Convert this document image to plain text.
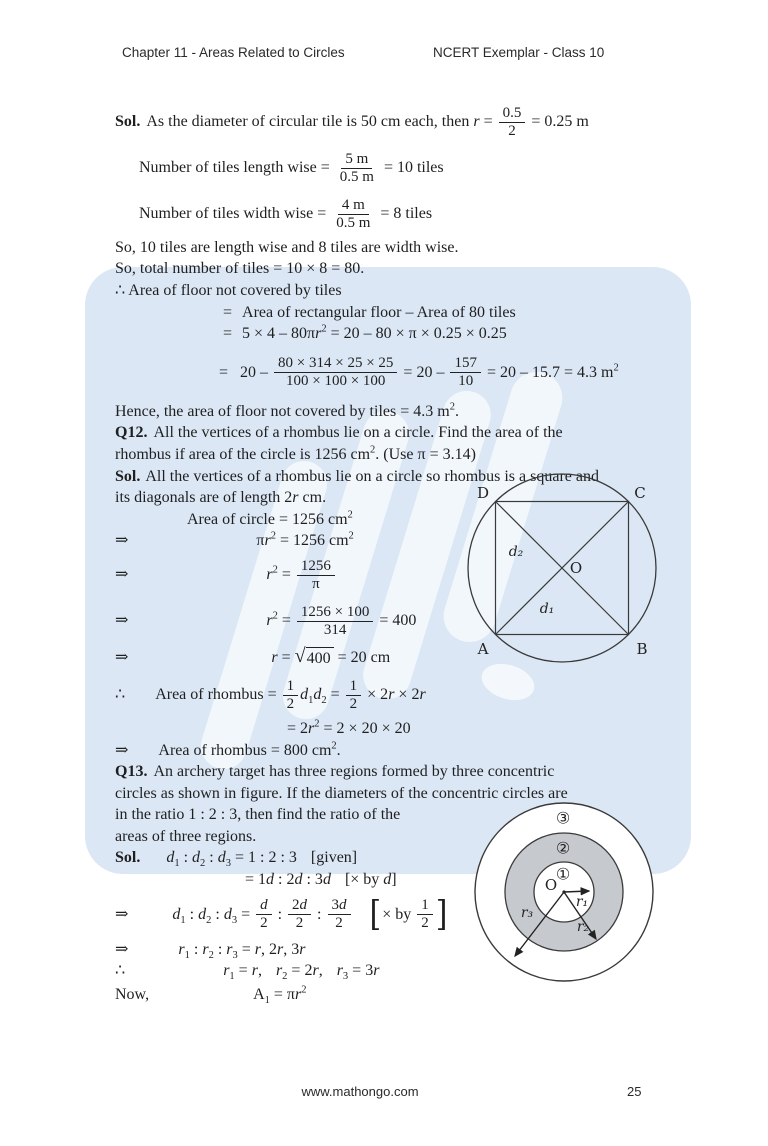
Chapter 11 - Areas Related to Circles	NCERT Exemplar - Class 10
Sol. As the diameter of circular tile is 50 cm each, then $r = \frac{0.5}{2} = 0.25$ m
Number of tiles length wise = $\frac{5 m}{0.5 m} = 10$ tiles
Number of tiles width wise = $\frac{4 m}{0.5 m} = 8$ tiles
So, 10 tiles are length wise and 8 tiles are width wise.
So, total number of tiles = 10 × 8 = 80.
∴ Area of floor not covered by tiles
= Area of rectangular floor – Area of 80 tiles
= $5 \times 4 - 80\pi r^2 = 20 - 80 \times \pi \times 0.25 \times 0.25$
= $20 - \frac{80 \times 314 \times 25 \times 25}{100 \times 100 \times 100} = 20 - \frac{157}{10} = 20 - 15.7 = 4.3$ $m^2$
Hence, the area of floor not covered by tiles = 4.3 $m^2$.
Q12. All the vertices of a rhombus lie on a circle. Find the area of the
rhombus if area of the circle is 1256 $cm^2$. (Use π = 3.14)
Sol. All the vertices of a rhombus lie on a circle so rhombus is a square and
its diagonals are of length 2r cm.
Area of circle = 1256 $cm^2$
⇒	$\pi r^2 = 1256$ $cm^2$
⇒	$r^2 = \frac{1256}{\pi}$
⇒	$r^2 = \frac{1256 \times 100}{314} = 400$
⇒	r = √ 400 = 20 cm
∴ Area of rhombus = $\frac{1}{2} d_1d_2 = \frac{1}{2} \times 2r \times 2r$
= $2r^2 = 2 \times 20 \times 20$
⇒ Area of rhombus = 800 $cm^2$.
Q13. An archery target has three regions formed by three concentric
circles as shown in figure. If the diameters of the concentric circles are
in the ratio 1 : 2 : 3, then find the ratio of the
areas of three regions.
Sol. $d_1$ : $d_2$ : $d_3 = 1$ : 2 : 3 [given]
= 1d : 2d : 3d [× by d]
⇒	$d_1$ : $d_2$ : $d_3 = \frac{d}{2}$ : $\frac{2d}{2}$ : $\frac{3d}{2}$ [ × by $\frac{1}{2}$ ]
⇒	$r_1$ : $r_2$ : $r_3 = r$, 2r, 3r
∴	$r_1 = r$, $r_2 = 2r$, $r_3 = 3r$
Now,	$A_1 = \pi r^2$
D	C
A	B
O
d₂
d₁
③
②
①
O
r₁
r₂
r₃
www.mathongo.com	25
